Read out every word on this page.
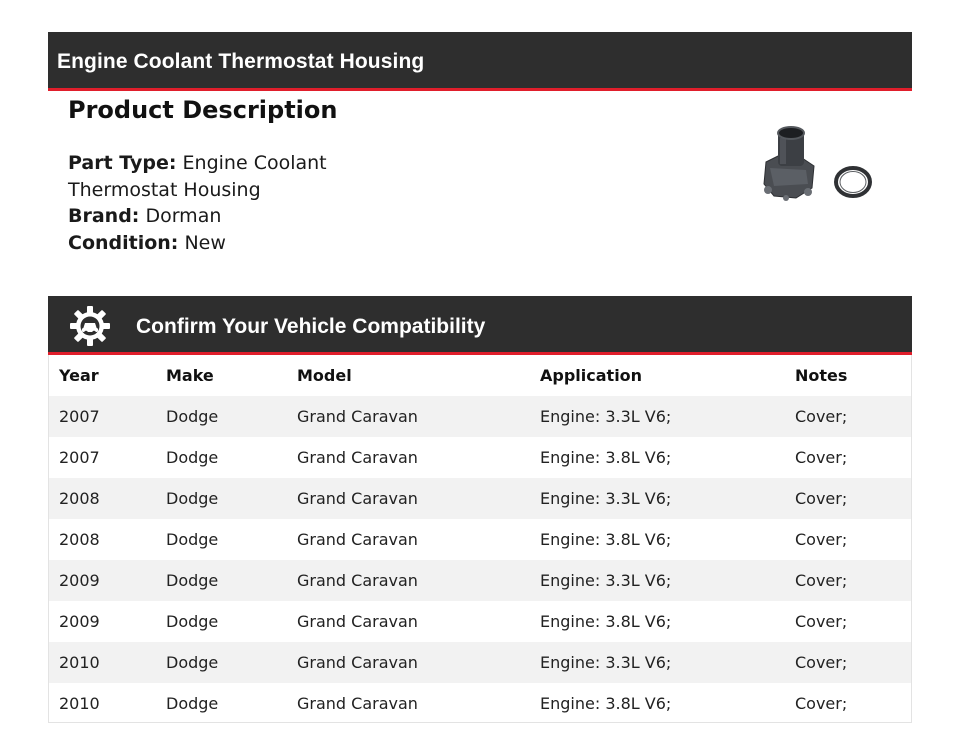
Engine Coolant Thermostat Housing
Product Description
Part Type: Engine Coolant Thermostat Housing
Brand: Dorman
Condition: New
Confirm Your Vehicle Compatibility
Year	Make	Model	Application	Notes
2007	Dodge	Grand Caravan	Engine: 3.3L V6;	Cover;
2007	Dodge	Grand Caravan	Engine: 3.8L V6;	Cover;
2008	Dodge	Grand Caravan	Engine: 3.3L V6;	Cover;
2008	Dodge	Grand Caravan	Engine: 3.8L V6;	Cover;
2009	Dodge	Grand Caravan	Engine: 3.3L V6;	Cover;
2009	Dodge	Grand Caravan	Engine: 3.8L V6;	Cover;
2010	Dodge	Grand Caravan	Engine: 3.3L V6;	Cover;
2010	Dodge	Grand Caravan	Engine: 3.8L V6;	Cover;
